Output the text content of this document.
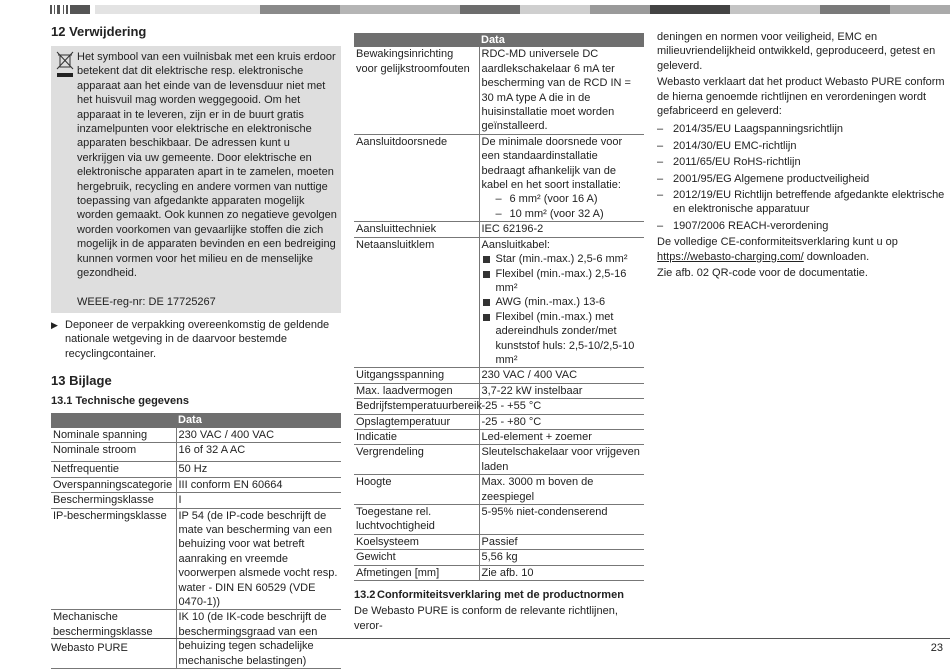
12 Verwijdering

Het symbool van een vuilnisbak met een kruis erdoor betekent dat dit elektrische resp. elektronische apparaat aan het einde van de levensduur niet met het huisvuil mag worden weggegooid. Om het apparaat in te leveren, zijn er in de buurt gratis inzamelpunten voor elektrische en elektronische apparaten beschikbaar. De adressen kunt u verkrijgen via uw gemeente. Door elektrische en elektronische apparaten apart in te zamelen, moeten hergebruik, recycling en andere vormen van nuttige toepassing van afgedankte apparaten mogelijk worden gemaakt. Ook kunnen zo negatieve gevolgen worden voorkomen van gevaarlijke stoffen die zich mogelijk in de apparaten bevinden en een bedreiging kunnen vormen voor het milieu en de menselijke gezondheid.

WEEE-reg-nr: DE 17725267

▶ Deponeer de verpakking overeenkomstig de geldende nationale wetgeving in de daarvoor bestemde recyclingcontainer.
13 Bijlage
13.1 Technische gegevens
	Data
Nominale spanning	230 VAC / 400 VAC
Nominale stroom	16 of 32 A AC
Netfrequentie	50 Hz
Overspanningscategorie	III conform EN 60664
Beschermingsklasse	I
IP-beschermingsklasse	IP 54 (de IP-code beschrijft de mate van bescherming van een behuizing voor wat betreft aanraking en vreemde voorwerpen alsmede vocht resp. water - DIN EN 60529 (VDE 0470-1))
Mechanische beschermingsklasse	IK 10 (de IK-code beschrijft de beschermingsgraad van een behuizing tegen schadelijke mechanische belastingen)
	Data
Bewakingsinrichting voor gelijkstroomfouten	RDC-MD universele DC aardlekschakelaar 6 mA ter bescherming van de RCD IN = 30 mA type A die in de huisinstallatie moet worden geïnstalleerd.
Aansluitdoorsnede	De minimale doorsnede voor een standaardinstallatie bedraagt afhankelijk van de kabel en het soort installatie:
– 6 mm² (voor 16 A)
– 10 mm² (voor 32 A)

Aansluittechniek	IEC 62196-2
Netaansluitklem	Aansluitkabel:
Star (min.-max.) 2,5-6 mm²
Flexibel (min.-max.) 2,5-16 mm²
AWG (min.-max.) 13-6
Flexibel (min.-max.) met adereindhuls zonder/met kunststof huls: 2,5-10/2,5-10 mm²

Uitgangsspanning	230 VAC / 400 VAC
Max. laadvermogen	3,7-22 kW instelbaar
Bedrijfstemperatuurbereik	-25 - +55 °C
Opslagtemperatuur	-25 - +80 °C
Indicatie	Led-element + zoemer
Vergrendeling	Sleutelschakelaar voor vrijgeven laden
Hoogte	Max. 3000 m boven de zeespiegel
Toegestane rel. luchtvochtigheid	5-95% niet-condenserend
Koelsysteem	Passief
Gewicht	5,56 kg
Afmetingen [mm]	Zie afb. 10
13.2 Conformiteitsverklaring met de productnormen
De Webasto PURE is conform de relevante richtlijnen, veror-

deningen en normen voor veiligheid, EMC en milieuvriendelijkheid ontwikkeld, geproduceerd, getest en geleverd.

Webasto verklaart dat het product Webasto PURE conform de hierna genoemde richtlijnen en verordeningen wordt gefabriceerd en geleverd:

– 2014/35/EU Laagspanningsrichtlijn
– 2014/30/EU EMC-richtlijn
– 2011/65/EU RoHS-richtlijn
– 2001/95/EG Algemene productveiligheid
– 2012/19/EU Richtlijn betreffende afgedankte elektrische en elektronische apparatuur
– 1907/2006 REACH-verordening

De volledige CE-conformiteitsverklaring kunt u op https://webasto-charging.com/ downloaden.

Zie afb. 02 QR-code voor de documentatie.

Webasto PURE	23
